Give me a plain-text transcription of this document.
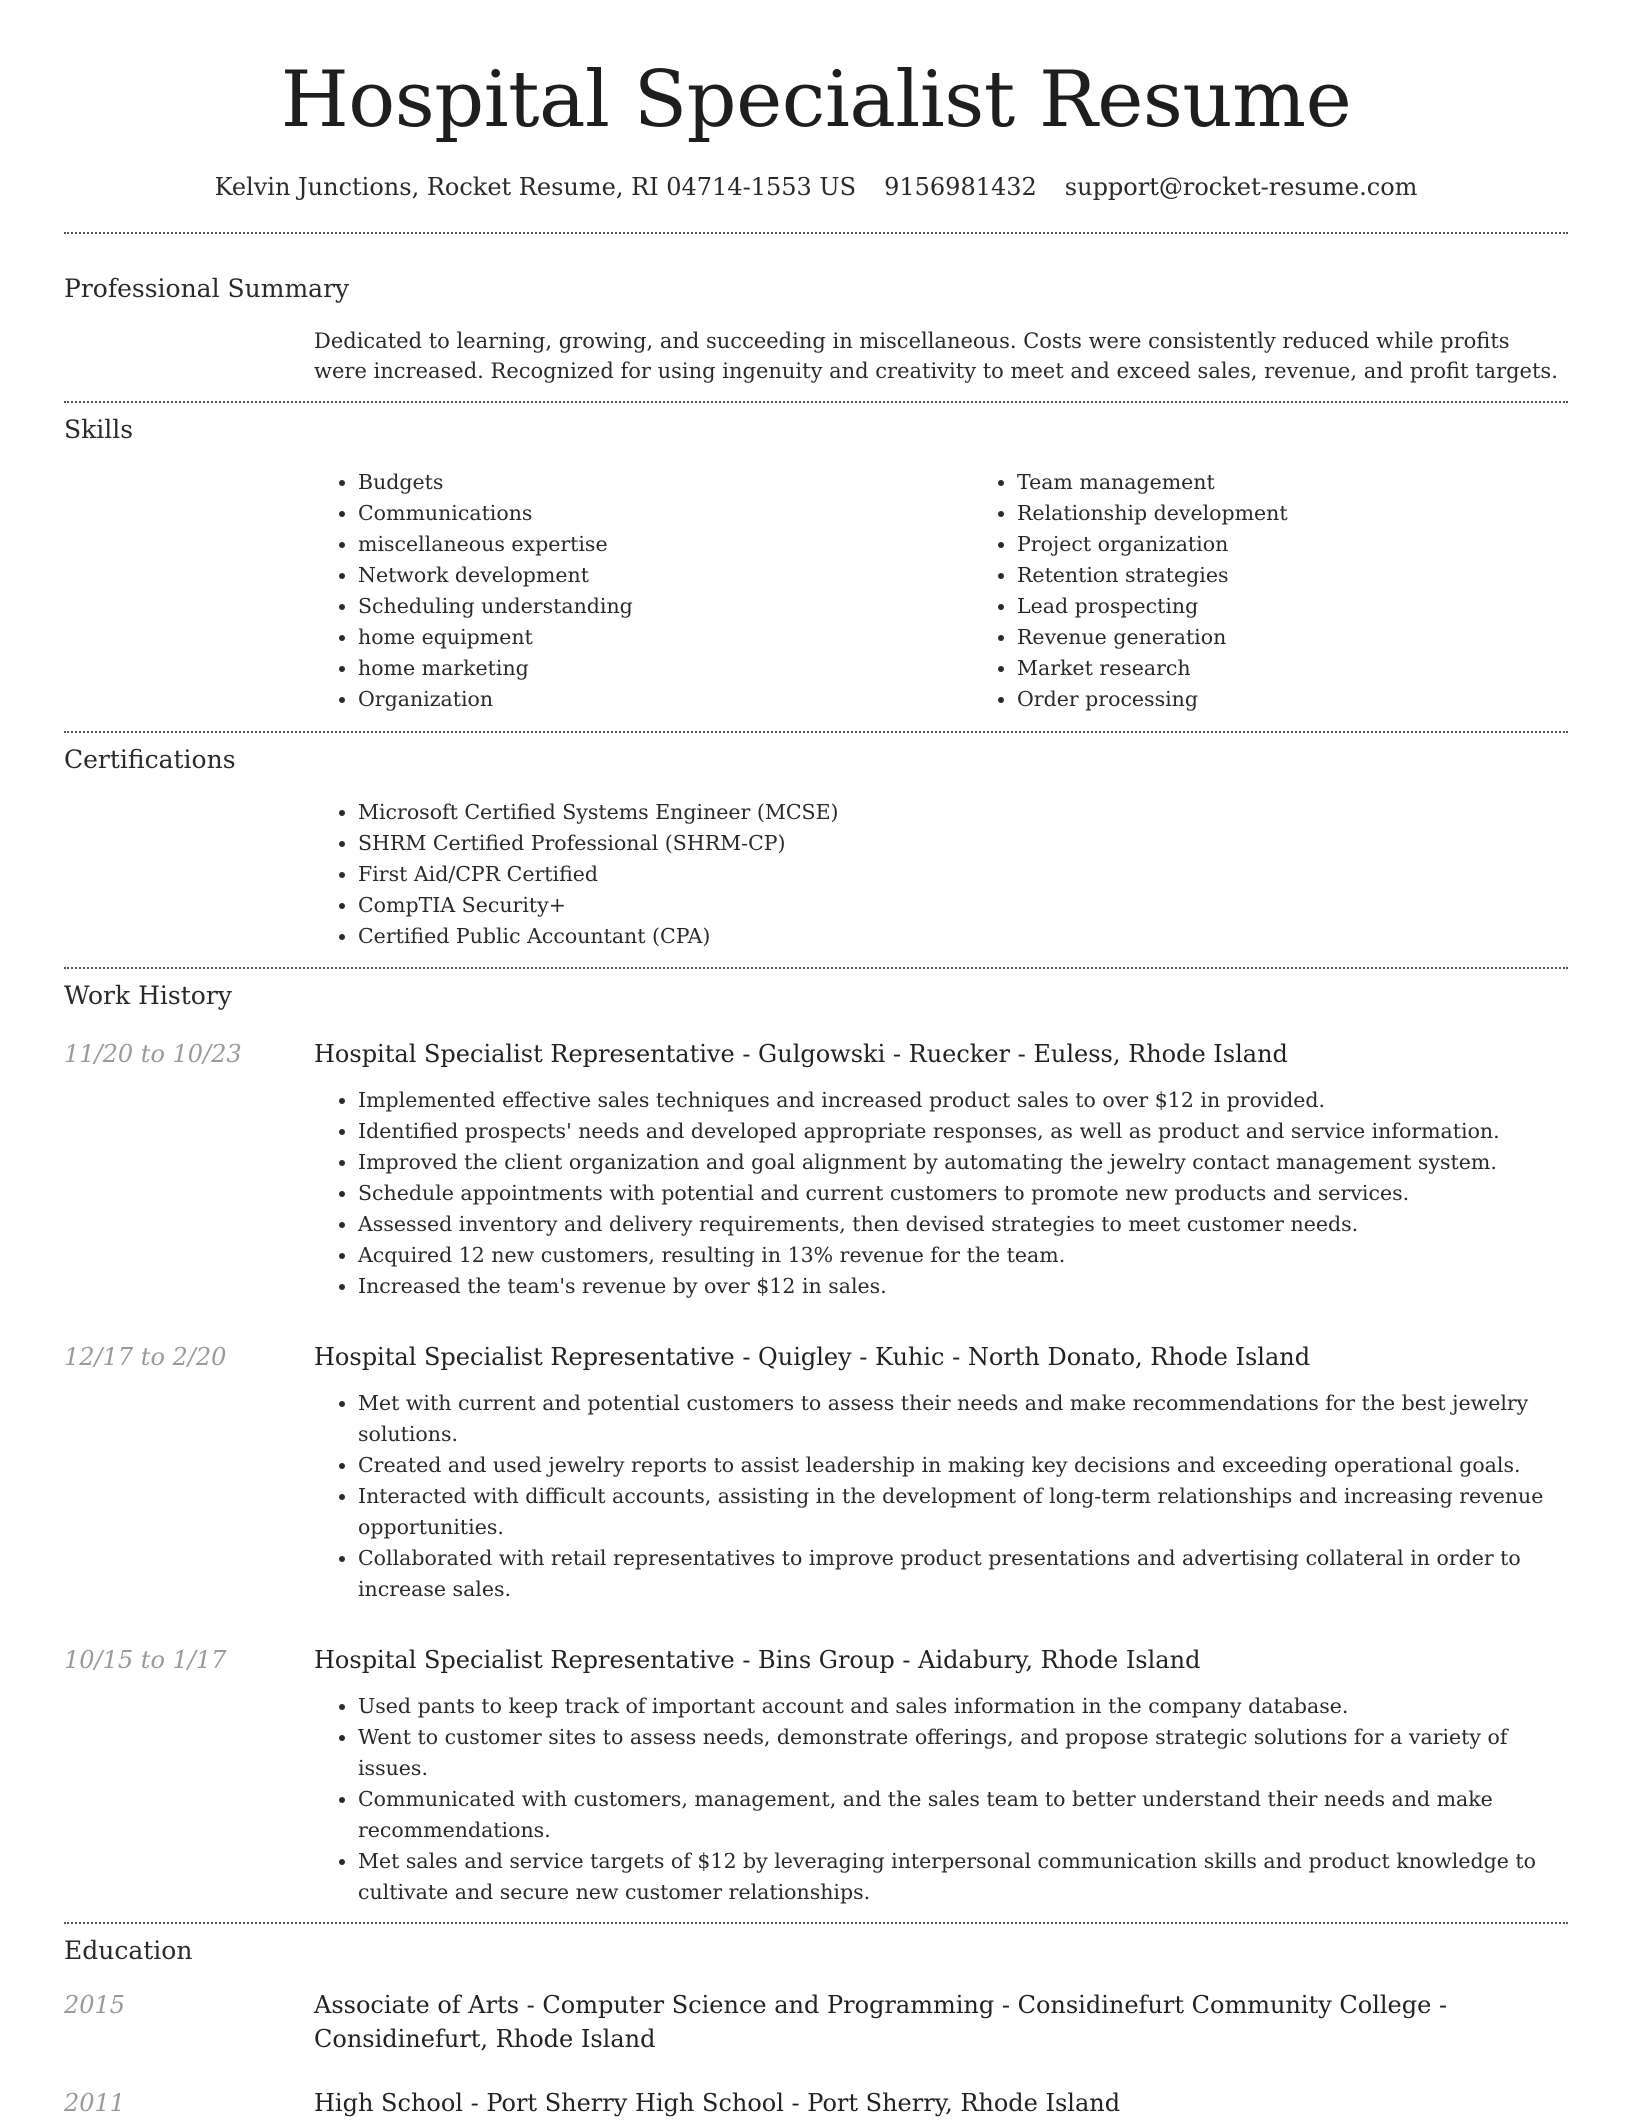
Hospital Specialist Resume
Kelvin Junctions, Rocket Resume, RI 04714-1553 US 9156981432 support@rocket-resume.com
Professional Summary
Dedicated to learning, growing, and succeeding in miscellaneous. Costs were consistently reduced while profits were increased. Recognized for using ingenuity and creativity to meet and exceed sales, revenue, and profit targets.
Skills
• Budgets
• Communications
• miscellaneous expertise
• Network development
• Scheduling understanding
• home equipment
• home marketing
• Organization
• Team management
• Relationship development
• Project organization
• Retention strategies
• Lead prospecting
• Revenue generation
• Market research
• Order processing
Certifications
• Microsoft Certified Systems Engineer (MCSE)
• SHRM Certified Professional (SHRM-CP)
• First Aid/CPR Certified
• CompTIA Security+
• Certified Public Accountant (CPA)
Work History
11/20 to 10/23	Hospital Specialist Representative - Gulgowski - Ruecker - Euless, Rhode Island
• Implemented effective sales techniques and increased product sales to over $12 in provided.
• Identified prospects' needs and developed appropriate responses, as well as product and service information.
• Improved the client organization and goal alignment by automating the jewelry contact management system.
• Schedule appointments with potential and current customers to promote new products and services.
• Assessed inventory and delivery requirements, then devised strategies to meet customer needs.
• Acquired 12 new customers, resulting in 13% revenue for the team.
• Increased the team's revenue by over $12 in sales.
12/17 to 2/20	Hospital Specialist Representative - Quigley - Kuhic - North Donato, Rhode Island
• Met with current and potential customers to assess their needs and make recommendations for the best jewelry solutions.
• Created and used jewelry reports to assist leadership in making key decisions and exceeding operational goals.
• Interacted with difficult accounts, assisting in the development of long-term relationships and increasing revenue opportunities.
• Collaborated with retail representatives to improve product presentations and advertising collateral in order to increase sales.
10/15 to 1/17	Hospital Specialist Representative - Bins Group - Aidabury, Rhode Island
• Used pants to keep track of important account and sales information in the company database.
• Went to customer sites to assess needs, demonstrate offerings, and propose strategic solutions for a variety of issues.
• Communicated with customers, management, and the sales team to better understand their needs and make recommendations.
• Met sales and service targets of $12 by leveraging interpersonal communication skills and product knowledge to cultivate and secure new customer relationships.
Education
2015	Associate of Arts - Computer Science and Programming - Considinefurt Community College - Considinefurt, Rhode Island
2011	High School - Port Sherry High School - Port Sherry, Rhode Island
